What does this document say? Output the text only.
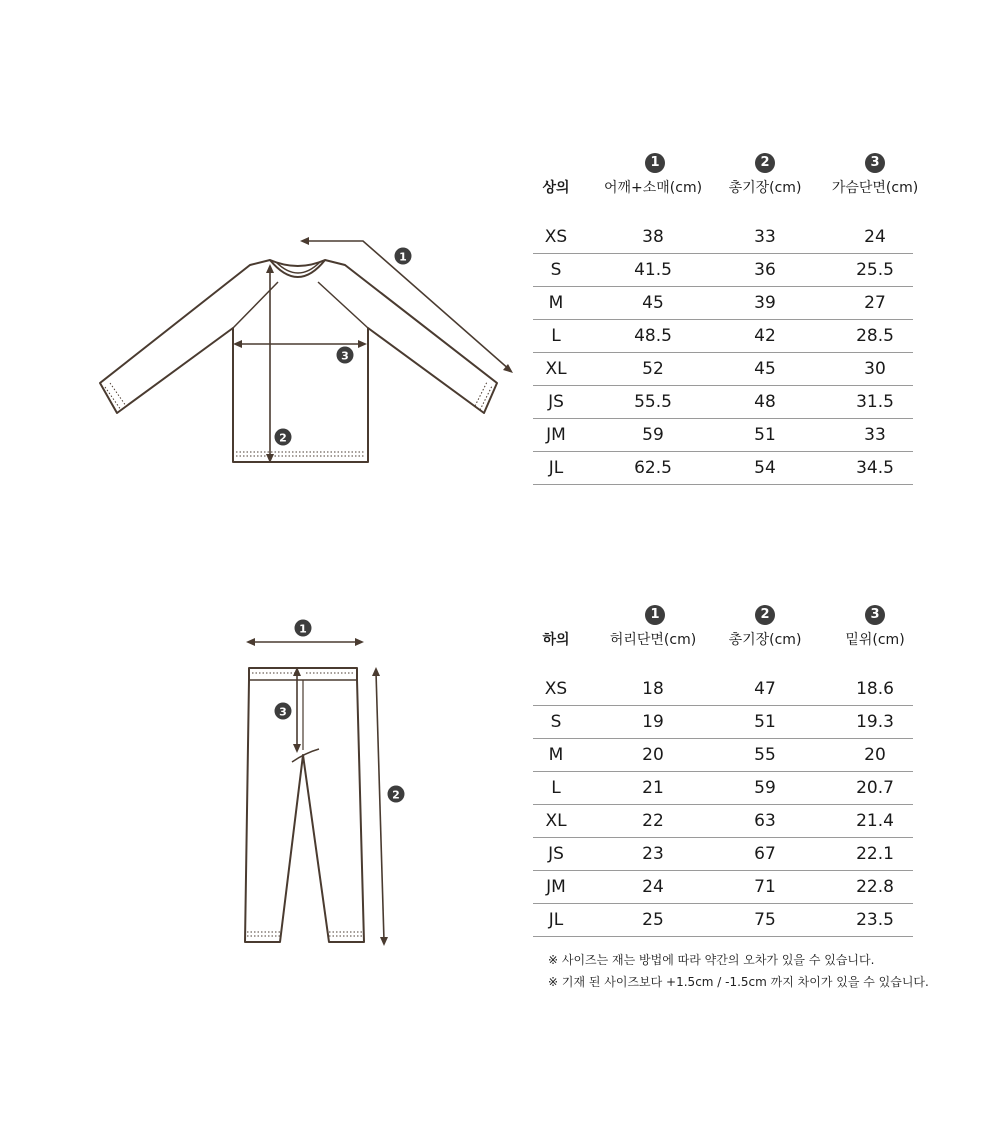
1
2
3
1	2	3
상의	어깨+소매(cm)	총기장(cm)	가슴단면(cm)
XS	38	33	24
S	41.5	36	25.5
M	45	39	27
L	48.5	42	28.5
XL	52	45	30
JS	55.5	48	31.5
JM	59	51	33
JL	62.5	54	34.5
1
2
3
1	2	3
하의	허리단면(cm)	총기장(cm)	밑위(cm)
XS	18	47	18.6
S	19	51	19.3
M	20	55	20
L	21	59	20.7
XL	22	63	21.4
JS	23	67	22.1
JM	24	71	22.8
JL	25	75	23.5
※ 사이즈는 재는 방법에 따라 약간의 오차가 있을 수 있습니다.
※ 기재 된 사이즈보다 +1.5cm / -1.5cm 까지 차이가 있을 수 있습니다.
